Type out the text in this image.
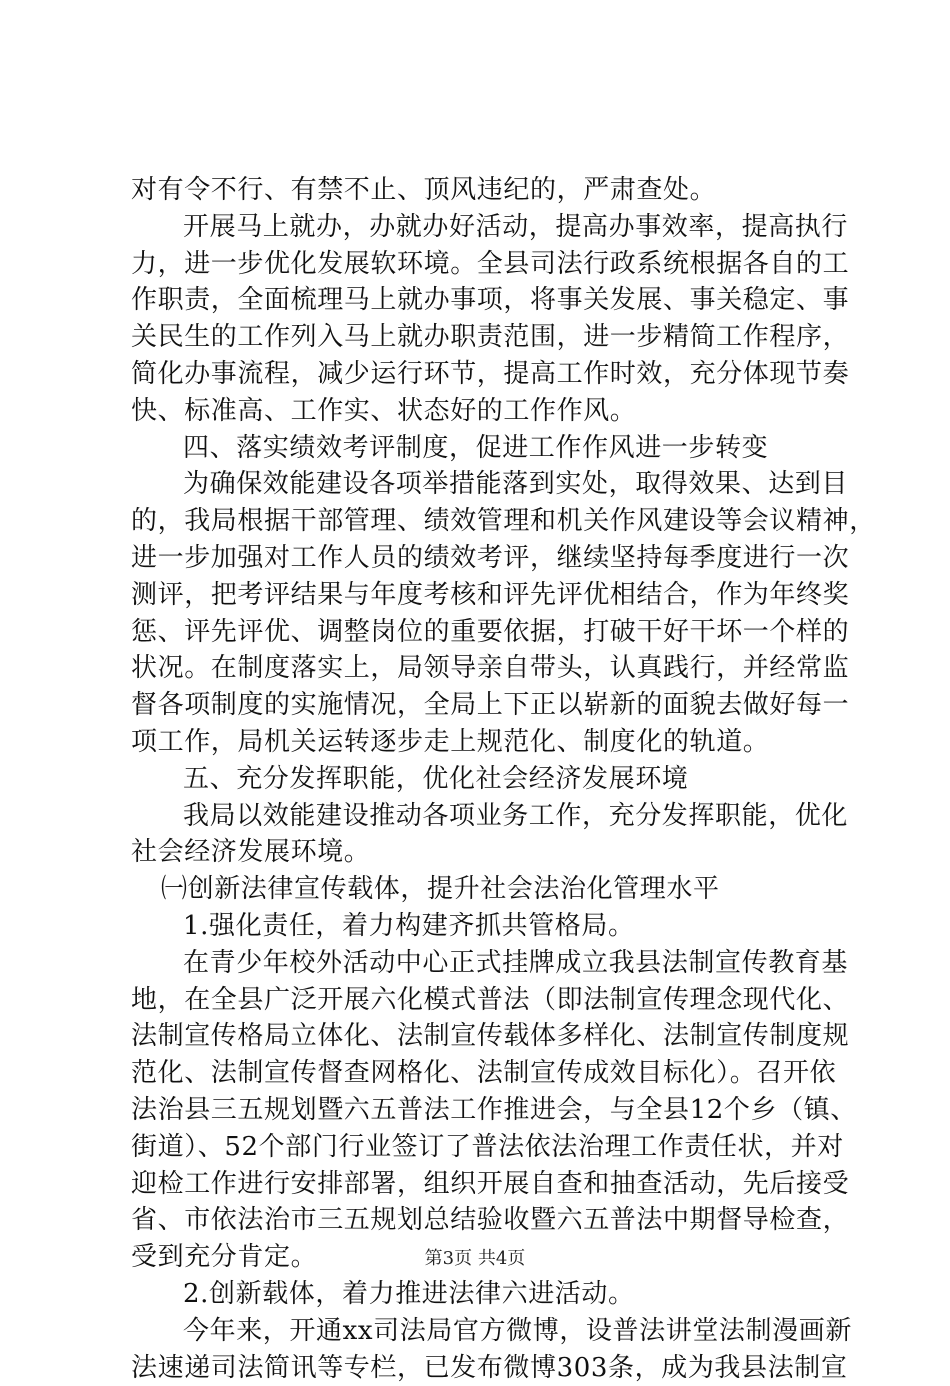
对有令不行、有禁不止、顶风违纪的，严肃查处。
开展马上就办，办就办好活动，提高办事效率，提高执行
力，进一步优化发展软环境。全县司法行政系统根据各自的工
作职责，全面梳理马上就办事项，将事关发展、事关稳定、事
关民生的工作列入马上就办职责范围，进一步精简工作程序，
简化办事流程，减少运行环节，提高工作时效，充分体现节奏
快、标准高、工作实、状态好的工作作风。
四、落实绩效考评制度，促进工作作风进一步转变
为确保效能建设各项举措能落到实处，取得效果、达到目
的，我局根据干部管理、绩效管理和机关作风建设等会议精神，
进一步加强对工作人员的绩效考评，继续坚持每季度进行一次
测评，把考评结果与年度考核和评先评优相结合，作为年终奖
惩、评先评优、调整岗位的重要依据，打破干好干坏一个样的
状况。在制度落实上，局领导亲自带头，认真践行，并经常监
督各项制度的实施情况，全局上下正以崭新的面貌去做好每一
项工作，局机关运转逐步走上规范化、制度化的轨道。
五、充分发挥职能，优化社会经济发展环境
我局以效能建设推动各项业务工作，充分发挥职能，优化
社会经济发展环境。
㈠创新法律宣传载体，提升社会法治化管理水平
1.强化责任，着力构建齐抓共管格局。
在青少年校外活动中心正式挂牌成立我县法制宣传教育基
地，在全县广泛开展六化模式普法（即法制宣传理念现代化、
法制宣传格局立体化、法制宣传载体多样化、法制宣传制度规
范化、法制宣传督查网格化、法制宣传成效目标化）。召开依
法治县三五规划暨六五普法工作推进会，与全县12个乡（镇、
街道）、52个部门行业签订了普法依法治理工作责任状，并对
迎检工作进行安排部署，组织开展自查和抽查活动，先后接受
省、市依法治市三五规划总结验收暨六五普法中期督导检查，
受到充分肯定。
2.创新载体，着力推进法律六进活动。
今年来，开通xx司法局官方微博，设普法讲堂法制漫画新
法速递司法简讯等专栏，已发布微博303条，成为我县法制宣
第3页 共4页
